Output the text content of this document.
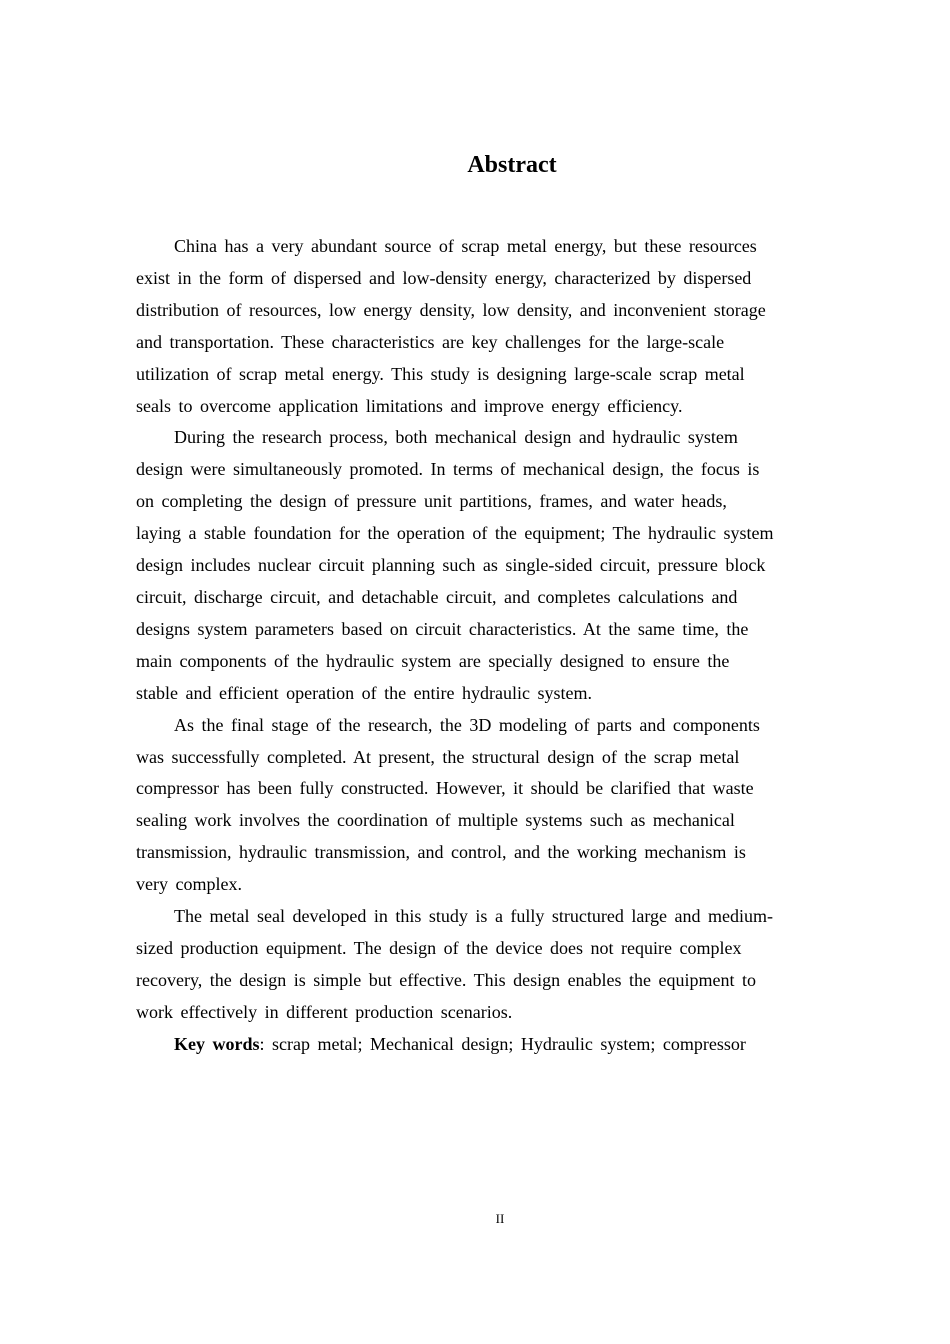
Abstract

China has a very abundant source of scrap metal energy, but these resources
exist in the form of dispersed and low-density energy, characterized by dispersed
distribution of resources, low energy density, low density, and inconvenient storage
and transportation. These characteristics are key challenges for the large-scale
utilization of scrap metal energy. This study is designing large-scale scrap metal
seals to overcome application limitations and improve energy efficiency.

During the research process, both mechanical design and hydraulic system
design were simultaneously promoted. In terms of mechanical design, the focus is
on completing the design of pressure unit partitions, frames, and water heads,
laying a stable foundation for the operation of the equipment; The hydraulic system
design includes nuclear circuit planning such as single-sided circuit, pressure block
circuit, discharge circuit, and detachable circuit, and completes calculations and
designs system parameters based on circuit characteristics. At the same time, the
main components of the hydraulic system are specially designed to ensure the
stable and efficient operation of the entire hydraulic system.

As the final stage of the research, the 3D modeling of parts and components
was successfully completed. At present, the structural design of the scrap metal
compressor has been fully constructed. However, it should be clarified that waste
sealing work involves the coordination of multiple systems such as mechanical
transmission, hydraulic transmission, and control, and the working mechanism is
very complex.

The metal seal developed in this study is a fully structured large and medium-
sized production equipment. The design of the device does not require complex
recovery, the design is simple but effective. This design enables the equipment to
work effectively in different production scenarios.

Key words: scrap metal; Mechanical design; Hydraulic system; compressor

II
